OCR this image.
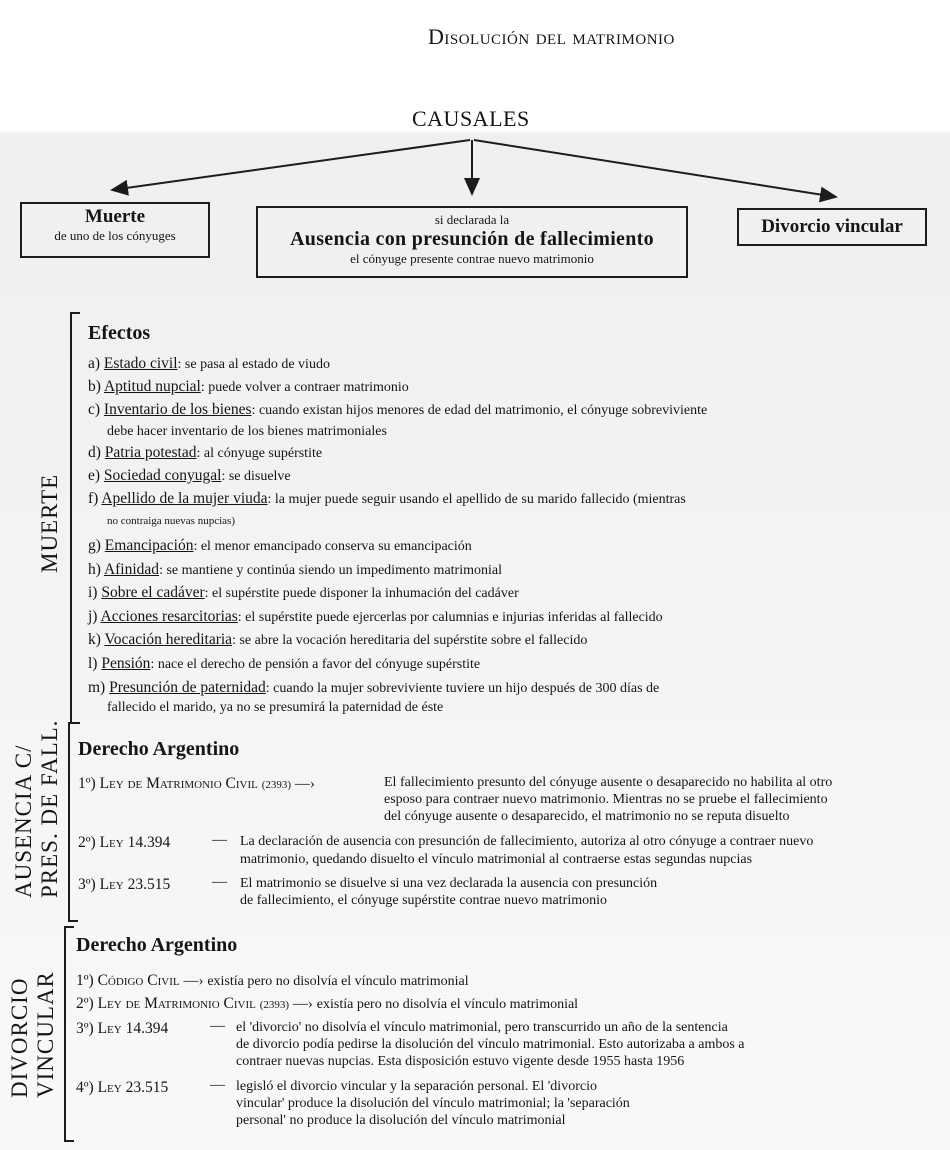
Disolución del matrimonio
CAUSALES
Muerte
de uno de los cónyuges
si declarada la
Ausencia con presunción de fallecimiento
el cónyuge presente contrae nuevo matrimonio
Divorcio vincular
MUERTE
AUSENCIA C/ PRES. DE FALL.
DIVORCIO VINCULAR
Efectos
a) Estado civil: se pasa al estado de viudo
b) Aptitud nupcial: puede volver a contraer matrimonio
c) Inventario de los bienes: cuando existan hijos menores de edad del matrimonio, el cónyuge sobreviviente
debe hacer inventario de los bienes matrimoniales
d) Patria potestad: al cónyuge supérstite
e) Sociedad conyugal: se disuelve
f) Apellido de la mujer viuda: la mujer puede seguir usando el apellido de su marido fallecido (mientras
no contraiga nuevas nupcias)
g) Emancipación: el menor emancipado conserva su emancipación
h) Afinidad: se mantiene y continúa siendo un impedimento matrimonial
i) Sobre el cadáver: el supérstite puede disponer la inhumación del cadáver
j) Acciones resarcitorias: el supérstite puede ejercerlas por calumnias e injurias inferidas al fallecido
k) Vocación hereditaria: se abre la vocación hereditaria del supérstite sobre el fallecido
l) Pensión: nace el derecho de pensión a favor del cónyuge supérstite
m) Presunción de paternidad: cuando la mujer sobreviviente tuviere un hijo después de 300 días de
fallecido el marido, ya no se presumirá la paternidad de éste
Derecho Argentino
1º) Ley de Matrimonio Civil (2393) —›	El fallecimiento presunto del cónyuge ausente o desaparecido no habilita al otro
esposo para contraer nuevo matrimonio. Mientras no se pruebe el fallecimiento
del cónyuge ausente o desaparecido, el matrimonio no se reputa disuelto
2º) Ley 14.394	— La declaración de ausencia con presunción de fallecimiento, autoriza al otro cónyuge a contraer nuevo
matrimonio, quedando disuelto el vínculo matrimonial al contraerse estas segundas nupcias
3º) Ley 23.515	— El matrimonio se disuelve si una vez declarada la ausencia con presunción
de fallecimiento, el cónyuge supérstite contrae nuevo matrimonio
Derecho Argentino
1º) Código Civil —› existía pero no disolvía el vínculo matrimonial
2º) Ley de Matrimonio Civil (2393) —› existía pero no disolvía el vínculo matrimonial
3º) Ley 14.394	— el 'divorcio' no disolvía el vínculo matrimonial, pero transcurrido un año de la sentencia
de divorcio podía pedirse la disolución del vínculo matrimonial. Esto autorizaba a ambos a
contraer nuevas nupcias. Esta disposición estuvo vigente desde 1955 hasta 1956
4º) Ley 23.515	— legisló el divorcio vincular y la separación personal. El 'divorcio
vincular' produce la disolución del vínculo matrimonial; la 'separación
personal' no produce la disolución del vínculo matrimonial
